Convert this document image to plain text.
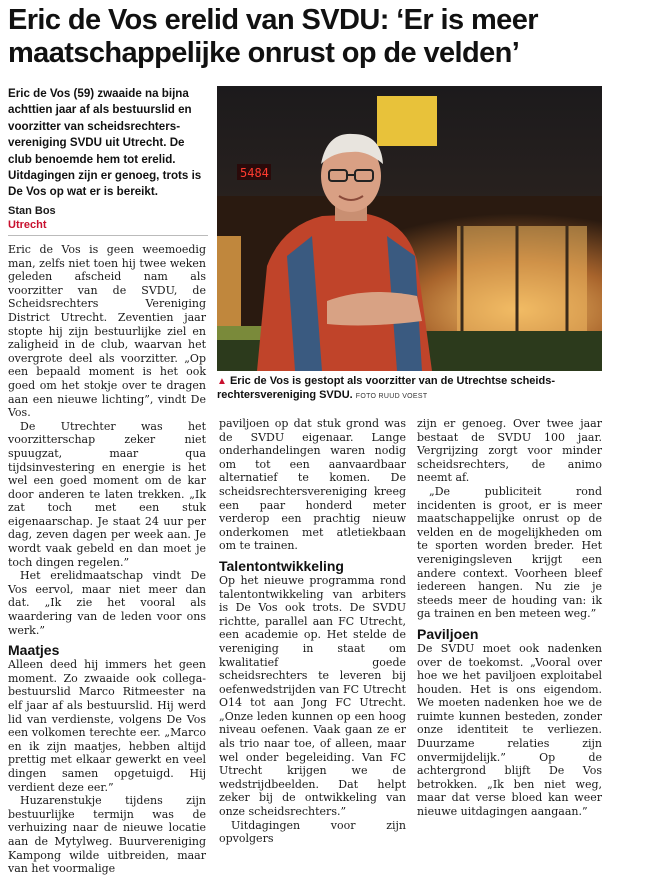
Eric de Vos erelid van SVDU: ‘Er is meer maatschappelijke onrust op de velden’

Eric de Vos (59) zwaaide na bijna achttien jaar af als bestuurslid en voorzitter van scheidsrechtersvereniging SVDU uit Utrecht. De club benoemde hem tot erelid. Uitdagingen zijn er genoeg, trots is De Vos op wat er is bereikt.

Stan Bos
Utrecht

Eric de Vos is geen weemoedig man, zelfs niet toen hij twee weken geleden afscheid nam als voorzitter van de SVDU, de Scheidsrechters Vereniging District Utrecht. Zeventien jaar stopte hij zijn bestuurlijke ziel en zaligheid in de club, waarvan het overgrote deel als voorzitter. „Op een bepaald moment is het ook goed om het stokje over te dragen aan een nieuwe lichting”, vindt De Vos.

De Utrechter was het voorzitterschap zeker niet spuugzat, maar qua tijdsinvestering en energie is het wel een goed moment om de kar door anderen te laten trekken. „Ik zat toch met een stuk eigenaarschap. Je staat 24 uur per dag, zeven dagen per week aan. Je wordt vaak gebeld en dan moet je toch dingen regelen.”

Het erelidmaatschap vindt De Vos eervol, maar niet meer dan dat. „Ik zie het vooral als waardering van de leden voor ons werk.”

Maatjes

Alleen deed hij immers het geen moment. Zo zwaaide ook collega-bestuurslid Marco Ritmeester na elf jaar af als bestuurslid. Hij werd lid van verdienste, volgens De Vos een volkomen terechte eer. „Marco en ik zijn maatjes, hebben altijd prettig met elkaar gewerkt en veel dingen samen opgetuigd. Hij verdient deze eer.”

Huzarenstukje tijdens zijn bestuurlijke termijn was de verhuizing naar de nieuwe locatie aan de Mytylweg. Buurvereniging Kampong wilde uitbreiden, maar van het voormalige

5484
▲ Eric de Vos is gestopt als voorzitter van de Utrechtse scheidsrechtersvereniging SVDU. FOTO RUUD VOEST

paviljoen op dat stuk grond was de SVDU eigenaar. Lange onderhandelingen waren nodig om tot een aanvaardbaar alternatief te komen. De scheidsrechtersvereniging kreeg een paar honderd meter verderop een prachtig nieuw onderkomen met atletiekbaan om te trainen.

Talentontwikkeling

Op het nieuwe programma rond talentontwikkeling van arbiters is De Vos ook trots. De SVDU richtte, parallel aan FC Utrecht, een academie op. Het stelde de vereniging in staat om kwalitatief goede scheidsrechters te leveren bij oefenwedstrijden van FC Utrecht O14 tot aan Jong FC Utrecht. „Onze leden kunnen op een hoog niveau oefenen. Vaak gaan ze er als trio naar toe, of alleen, maar wel onder begeleiding. Van FC Utrecht krijgen we de wedstrijdbeelden. Dat helpt zeker bij de ontwikkeling van onze scheidsrechters.”

Uitdagingen voor zijn opvolgers

zijn er genoeg. Over twee jaar bestaat de SVDU 100 jaar. Vergrijzing zorgt voor minder scheidsrechters, de animo neemt af.

„De publiciteit rond incidenten is groot, er is meer maatschappelijke onrust op de velden en de mogelijkheden om te sporten worden breder. Het verenigingsleven krijgt een andere context. Voorheen bleef iedereen hangen. Nu zie je steeds meer de houding van: ik ga trainen en ben meteen weg.”

Paviljoen

De SVDU moet ook nadenken over de toekomst. „Vooral over hoe we het paviljoen exploitabel houden. Het is ons eigendom. We moeten nadenken hoe we de ruimte kunnen besteden, zonder onze identiteit te verliezen. Duurzame relaties zijn onvermijdelijk.” Op de achtergrond blijft De Vos betrokken. „Ik ben niet weg, maar dat verse bloed kan weer nieuwe uitdagingen aangaan.”
